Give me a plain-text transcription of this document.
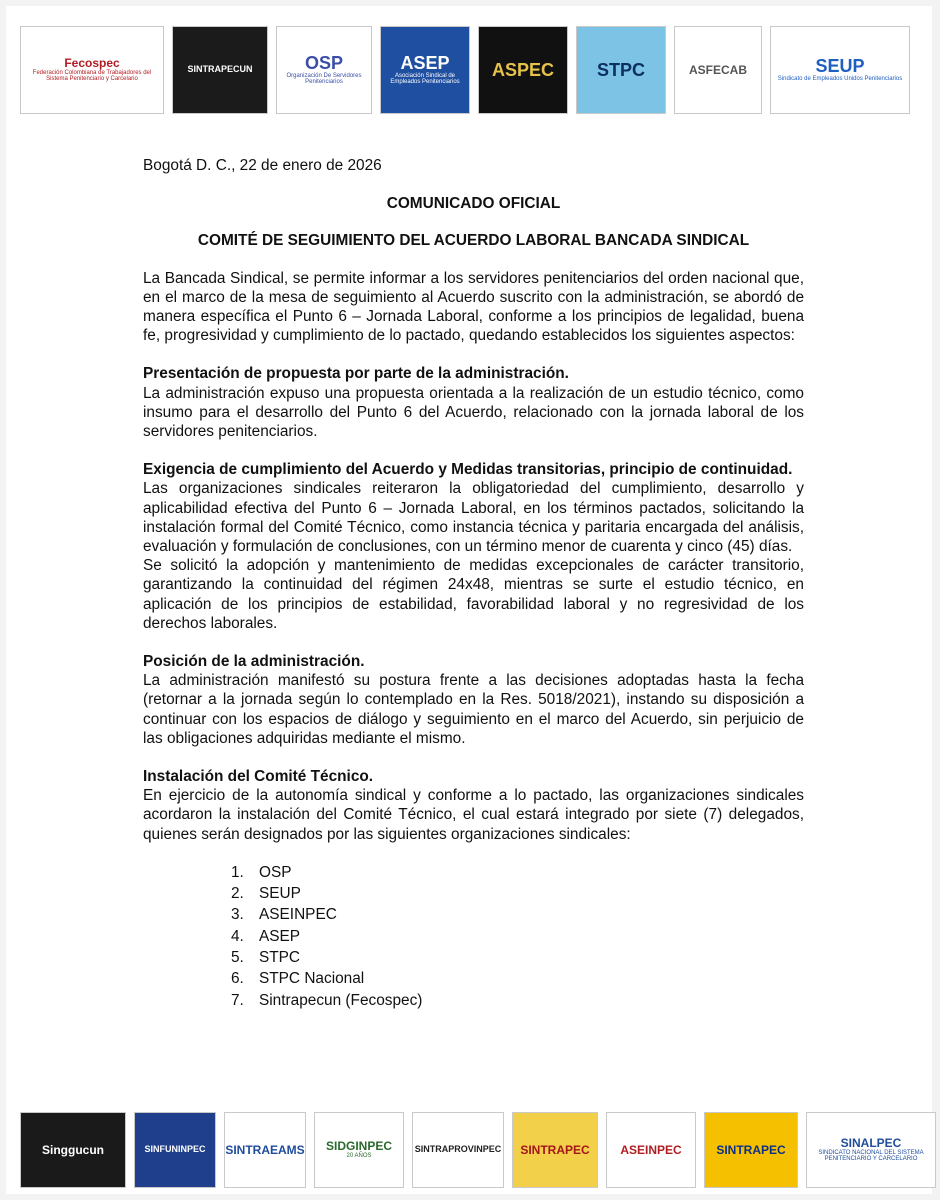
Fecospec
Federación Colombiana de Trabajadores del Sistema Penitenciario y Carcelario
SINTRAPECUN	OSP
Organización De Servidores Penitenciarios
ASEP
Asociación Sindical de Empleados Penitenciarios
ASPEC STPC	ASFECAB	SEUP
Sindicato de Empleados Unidos Penitenciarios

Bogotá D. C., 22 de enero de 2026

COMUNICADO OFICIAL

COMITÉ DE SEGUIMIENTO DEL ACUERDO LABORAL BANCADA SINDICAL

La Bancada Sindical, se permite informar a los servidores penitenciarios del orden nacional que, en el marco de la mesa de seguimiento al Acuerdo suscrito con la administración, se abordó de manera específica el Punto 6 – Jornada Laboral, conforme a los principios de legalidad, buena fe, progresividad y cumplimiento de lo pactado, quedando establecidos los siguientes aspectos:

Presentación de propuesta por parte de la administración.

La administración expuso una propuesta orientada a la realización de un estudio técnico, como insumo para el desarrollo del Punto 6 del Acuerdo, relacionado con la jornada laboral de los servidores penitenciarios.

Exigencia de cumplimiento del Acuerdo y Medidas transitorias, principio de continuidad.

Las organizaciones sindicales reiteraron la obligatoriedad del cumplimiento, desarrollo y aplicabilidad efectiva del Punto 6 – Jornada Laboral, en los términos pactados, solicitando la instalación formal del Comité Técnico, como instancia técnica y paritaria encargada del análisis, evaluación y formulación de conclusiones, con un término menor de cuarenta y cinco (45) días.

Se solicitó la adopción y mantenimiento de medidas excepcionales de carácter transitorio, garantizando la continuidad del régimen 24x48, mientras se surte el estudio técnico, en aplicación de los principios de estabilidad, favorabilidad laboral y no regresividad de los derechos laborales.

Posición de la administración.

La administración manifestó su postura frente a las decisiones adoptadas hasta la fecha (retornar a la jornada según lo contemplado en la Res. 5018/2021), instando su disposición a continuar con los espacios de diálogo y seguimiento en el marco del Acuerdo, sin perjuicio de las obligaciones adquiridas mediante el mismo.

Instalación del Comité Técnico.

En ejercicio de la autonomía sindical y conforme a lo pactado, las organizaciones sindicales acordaron la instalación del Comité Técnico, el cual estará integrado por siete (7) delegados, quienes serán designados por las siguientes organizaciones sindicales:

1. OSP
2. SEUP
3. ASEINPEC
4. ASEP
5. STPC
6. STPC Nacional
7. Sintrapecun (Fecospec)
Singgucun	SINFUNINPEC SINTRAEAMS SIDGINPEC
20 AÑOS
SINTRAPROVINPEC SINTRAPEC	ASEINPEC	SINTRAPEC	SINALPEC
SINDICATO NACIONAL DEL SISTEMA PENITENCIARIO Y CARCELARIO
